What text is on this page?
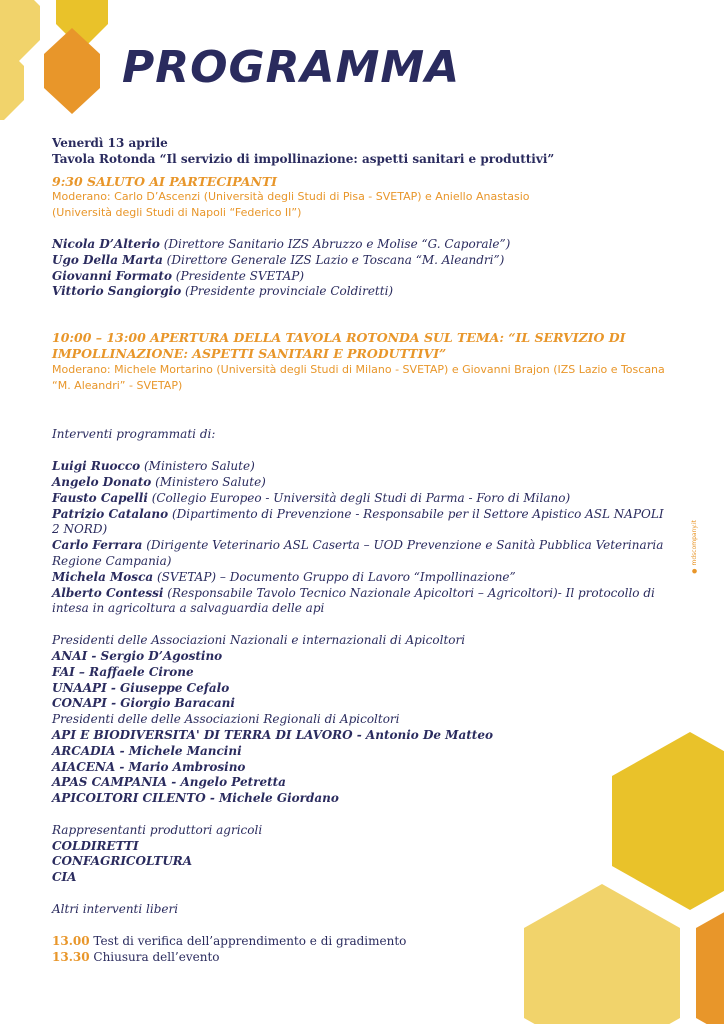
PROGRAMMA
● mdscompany.it

Venerdì 13 aprile

Tavola Rotonda “Il servizio di impollinazione: aspetti sanitari e produttivi”

9:30 SALUTO AI PARTECIPANTI

Moderano: Carlo D’Ascenzi (Università degli Studi di Pisa - SVETAP) e Aniello Anastasio

(Università degli Studi di Napoli “Federico II”)

Nicola D’Alterio (Direttore Sanitario IZS Abruzzo e Molise “G. Caporale”)

Ugo Della Marta (Direttore Generale IZS Lazio e Toscana “M. Aleandri”)

Giovanni Formato (Presidente SVETAP)

Vittorio Sangiorgio (Presidente provinciale Coldiretti)

10:00 – 13:00 APERTURA DELLA TAVOLA ROTONDA SUL TEMA: “IL SERVIZIO DI

IMPOLLINAZIONE: ASPETTI SANITARI E PRODUTTIVI”

Moderano: Michele Mortarino (Università degli Studi di Milano - SVETAP) e Giovanni Brajon (IZS Lazio e Toscana

“M. Aleandri” - SVETAP)

Interventi programmati di:

Luigi Ruocco (Ministero Salute)

Angelo Donato (Ministero Salute)

Fausto Capelli (Collegio Europeo - Università degli Studi di Parma - Foro di Milano)

Patrizio Catalano (Dipartimento di Prevenzione - Responsabile per il Settore Apistico ASL NAPOLI 2 NORD)

Carlo Ferrara (Dirigente Veterinario ASL Caserta – UOD Prevenzione e Sanità Pubblica Veterinaria Regione Campania)

Michela Mosca (SVETAP) – Documento Gruppo di Lavoro “Impollinazione”

Alberto Contessi (Responsabile Tavolo Tecnico Nazionale Apicoltori – Agricoltori)- Il protocollo di intesa in agricoltura a salvaguardia delle api

Presidenti delle Associazioni Nazionali e internazionali di Apicoltori

ANAI - Sergio D’Agostino

FAI – Raffaele Cirone

UNAAPI - Giuseppe Cefalo

CONAPI - Giorgio Baracani

Presidenti delle delle Associazioni Regionali di Apicoltori

API E BIODIVERSITA' DI TERRA DI LAVORO - Antonio De Matteo

ARCADIA - Michele Mancini

AIACENA - Mario Ambrosino

APAS CAMPANIA - Angelo Petretta

APICOLTORI CILENTO - Michele Giordano

Rappresentanti produttori agricoli

COLDIRETTI

CONFAGRICOLTURA

CIA

Altri interventi liberi

13.00 Test di verifica dell’apprendimento e di gradimento

13.30 Chiusura dell’evento
